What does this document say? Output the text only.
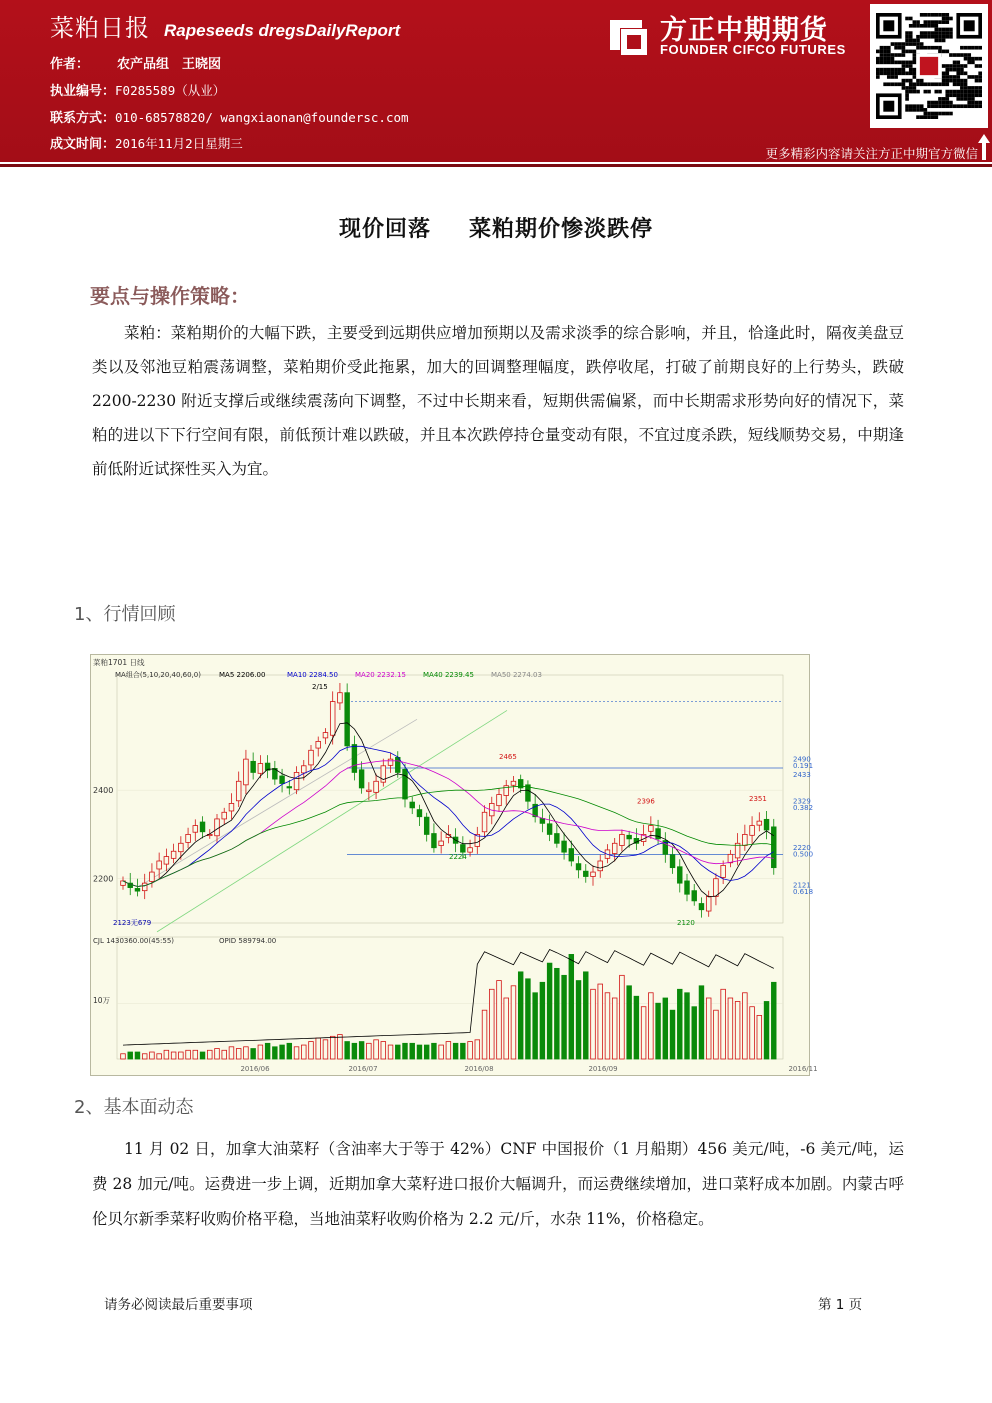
菜粕日报 Rapeseeds dregsDailyReport
作者： 农产品组　王晓囡
执业编号：F0285589（从业）
联系方式：010-68578820/ wangxiaonan@foundersc.com
成文时间：2016年11月2日星期三
方正中期期货
FOUNDER CIFCO FUTURES
更多精彩内容请关注方正中期官方微信
现价回落 菜粕期价惨淡跌停
要点与操作策略：

菜粕：菜粕期价的大幅下跌，主要受到远期供应增加预期以及需求淡季的综合影响，并且，恰逢此时，隔夜美盘豆类以及邻池豆粕震荡调整，菜粕期价受此拖累，加大的回调整理幅度，跌停收尾，打破了前期良好的上行势头，跌破 2200-2230 附近支撑后或继续震荡向下调整，不过中长期来看，短期供需偏紧，而中长期需求形势向好的情况下，菜粕的进以下下行空间有限，前低预计难以跌破，并且本次跌停持仓量变动有限，不宜过度杀跌，短线顺势交易，中期逢前低附近试探性买入为宜。

1、行情回顾
2400
2200
菜粕1701 日线
MA组合(5,10,20,40,60,0)	MA5 2206.00	MA10 2284.50 MA20 2232.15 MA40 2239.45 MA50 2274.03
2/15
2465
2396	2351
2224
2120
2123无679
2490
0.191
2433
2329
0.382
2220
0.500
2121
0.618
CJL 1430360.00(45:55)	OPID 589794.00
10万
2016/06	2016/07	2016/08	2016/09	2016/11
2、基本面动态

11 月 02 日，加拿大油菜籽（含油率大于等于 42%）CNF 中国报价（1 月船期）456 美元/吨，-6 美元/吨，运费 28 加元/吨。运费进一步上调，近期加拿大菜籽进口报价大幅调升，而运费继续增加，进口菜籽成本加剧。内蒙古呼伦贝尔新季菜籽收购价格平稳，当地油菜籽收购价格为 2.2 元/斤，水杂 11%，价格稳定。

请务必阅读最后重要事项	第 1 页
